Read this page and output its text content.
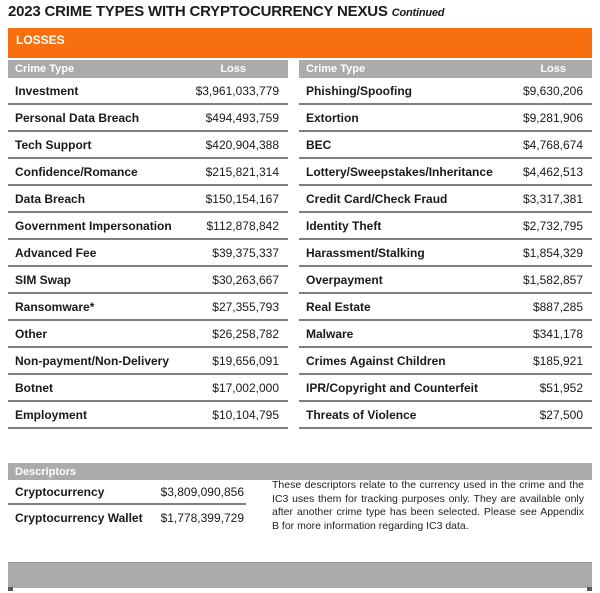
2023 CRIME TYPES WITH CRYPTOCURRENCY NEXUS Continued
LOSSES
Crime Type	Loss
Investment	$3,961,033,779
Personal Data Breach	$494,493,759
Tech Support	$420,904,388
Confidence/Romance	$215,821,314
Data Breach	$150,154,167
Government Impersonation	$112,878,842
Advanced Fee	$39,375,337
SIM Swap	$30,263,667
Ransomware*	$27,355,793
Other	$26,258,782
Non-payment/Non-Delivery	$19,656,091
Botnet	$17,002,000
Employment	$10,104,795
Crime Type	Loss
Phishing/Spoofing	$9,630,206
Extortion	$9,281,906
BEC	$4,768,674
Lottery/Sweepstakes/Inheritance	$4,462,513
Credit Card/Check Fraud	$3,317,381
Identity Theft	$2,732,795
Harassment/Stalking	$1,854,329
Overpayment	$1,582,857
Real Estate	$887,285
Malware	$341,178
Crimes Against Children	$185,921
IPR/Copyright and Counterfeit	$51,952
Threats of Violence	$27,500
Descriptors
Cryptocurrency	$3,809,090,856
Cryptocurrency Wallet $1,778,399,729
These descriptors relate to the currency used in the crime and the IC3 uses them for tracking purposes only. They are available only after another crime type has been selected. Please see Appendix B for more information regarding IC3 data.
